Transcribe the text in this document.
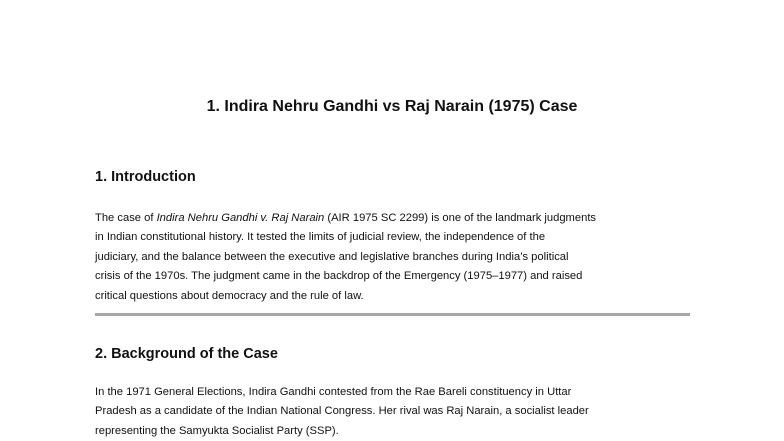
1. Indira Nehru Gandhi vs Raj Narain (1975) Case
1. Introduction
The case of Indira Nehru Gandhi v. Raj Narain (AIR 1975 SC 2299) is one of the landmark judgments
in Indian constitutional history. It tested the limits of judicial review, the independence of the
judiciary, and the balance between the executive and legislative branches during India’s political
crisis of the 1970s. The judgment came in the backdrop of the Emergency (1975–1977) and raised
critical questions about democracy and the rule of law.
2. Background of the Case
In the 1971 General Elections, Indira Gandhi contested from the Rae Bareli constituency in Uttar
Pradesh as a candidate of the Indian National Congress. Her rival was Raj Narain, a socialist leader
representing the Samyukta Socialist Party (SSP).
